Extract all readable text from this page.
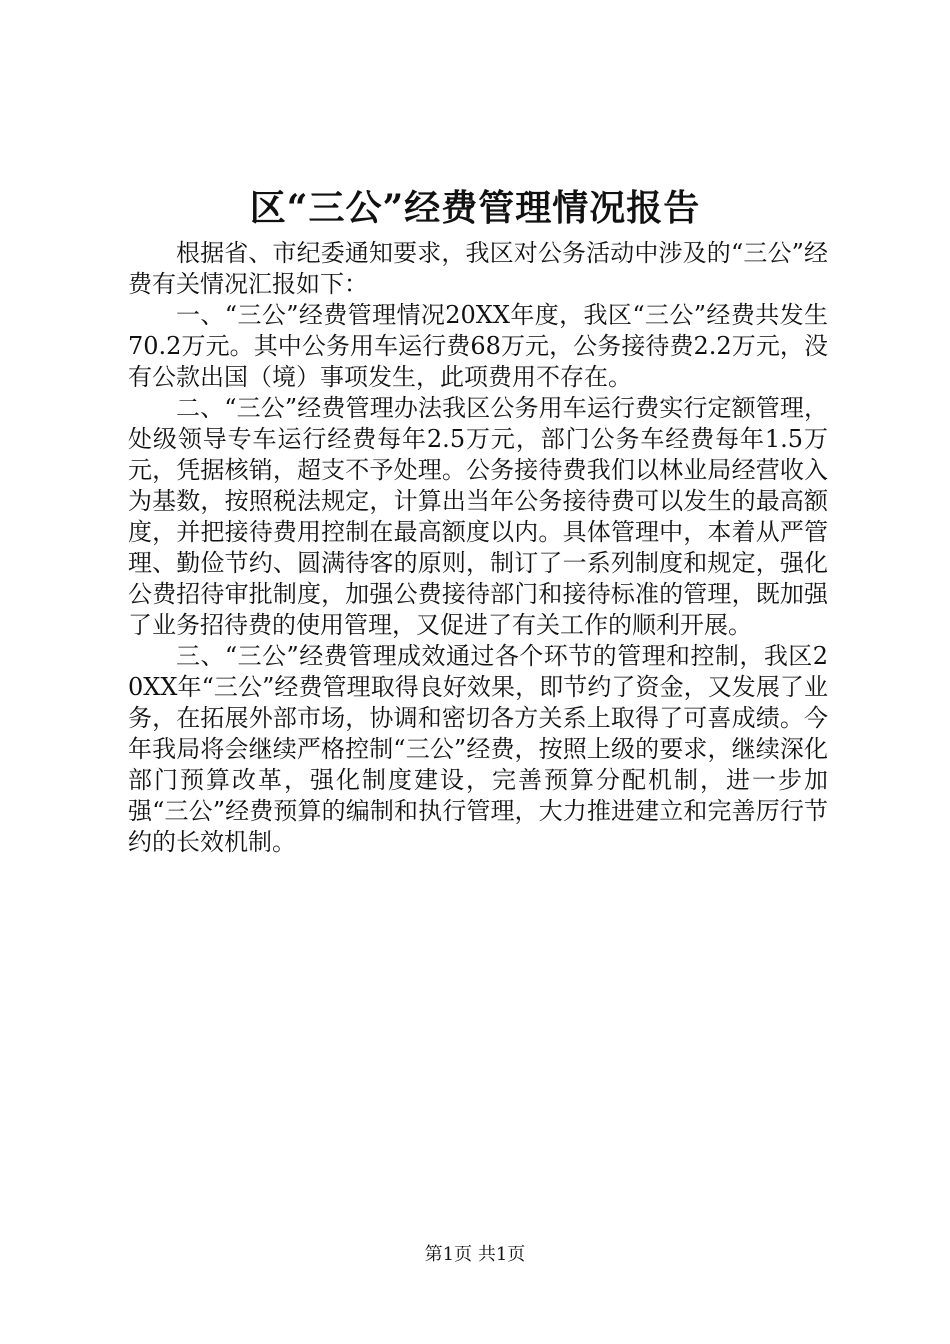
区“三公”经费管理情况报告

根据省、市纪委通知要求，我区对公务活动中涉及的“三公”经费有关情况汇报如下：

一、“三公”经费管理情况20XX年度，我区“三公”经费共发生70.2万元。其中公务用车运行费68万元，公务接待费2.2万元，没有公款出国（境）事项发生，此项费用不存在。

二、“三公”经费管理办法我区公务用车运行费实行定额管理，处级领导专车运行经费每年2.5万元，部门公务车经费每年1.5万元，凭据核销，超支不予处理。公务接待费我们以林业局经营收入为基数，按照税法规定，计算出当年公务接待费可以发生的最高额度，并把接待费用控制在最高额度以内。具体管理中，本着从严管理、勤俭节约、圆满待客的原则，制订了一系列制度和规定，强化公费招待审批制度，加强公费接待部门和接待标准的管理，既加强了业务招待费的使用管理，又促进了有关工作的顺利开展。

三、“三公”经费管理成效通过各个环节的管理和控制，我区20XX年“三公”经费管理取得良好效果，即节约了资金，又发展了业务，在拓展外部市场，协调和密切各方关系上取得了可喜成绩。今年我局将会继续严格控制“三公”经费，按照上级的要求，继续深化部门预算改革，强化制度建设，完善预算分配机制，进一步加强“三公”经费预算的编制和执行管理，大力推进建立和完善厉行节约的长效机制。

第1页 共1页
